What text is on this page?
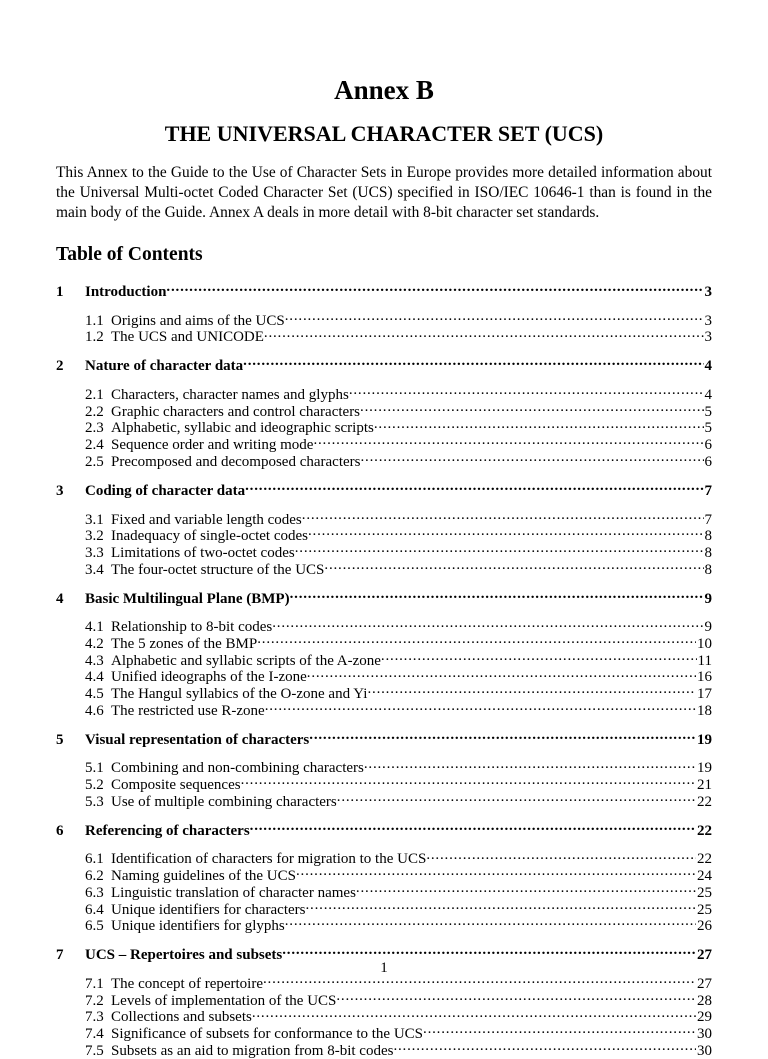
Annex B
THE UNIVERSAL CHARACTER SET (UCS)

This Annex to the Guide to the Use of Character Sets in Europe provides more detailed information about the Universal Multi-octet Coded Character Set (UCS) specified in ISO/IEC 10646-1 than is found in the main body of the Guide. Annex A deals in more detail with 8-bit character set standards.

Table of Contents
1	Introduction .....	3
1.1 Origins and aims of the UCS .....	3
1.2 The UCS and UNICODE .....	3
2	Nature of character data .....	4
2.1 Characters, character names and glyphs .....	4
2.2 Graphic characters and control characters .....	5
2.3 Alphabetic, syllabic and ideographic scripts .....	5
2.4 Sequence order and writing mode .....	6
2.5 Precomposed and decomposed characters .....	6
3	Coding of character data .....	7
3.1 Fixed and variable length codes .....	7
3.2 Inadequacy of single-octet codes .....	8
3.3 Limitations of two-octet codes .....	8
3.4 The four-octet structure of the UCS .....	8
4	Basic Multilingual Plane (BMP) .....	9
4.1 Relationship to 8-bit codes .....	9
4.2 The 5 zones of the BMP .....	10
4.3 Alphabetic and syllabic scripts of the A-zone .....	11
4.4 Unified ideographs of the I-zone .....	16
4.5 The Hangul syllabics of the O-zone and Yi .....	17
4.6 The restricted use R-zone .....	18
5	Visual representation of characters .....	19
5.1 Combining and non-combining characters .....	19
5.2 Composite sequences .....	21
5.3 Use of multiple combining characters .....	22
6	Referencing of characters .....	22
6.1 Identification of characters for migration to the UCS .....	22
6.2 Naming guidelines of the UCS .....	24
6.3 Linguistic translation of character names .....	25
6.4 Unique identifiers for characters .....	25
6.5 Unique identifiers for glyphs .....	26
7	UCS – Repertoires and subsets .....	27
7.1 The concept of repertoire .....	27
7.2 Levels of implementation of the UCS .....	28
7.3 Collections and subsets .....	29
7.4 Significance of subsets for conformance to the UCS .....	30
7.5 Subsets as an aid to migration from 8-bit codes .....	30
1
